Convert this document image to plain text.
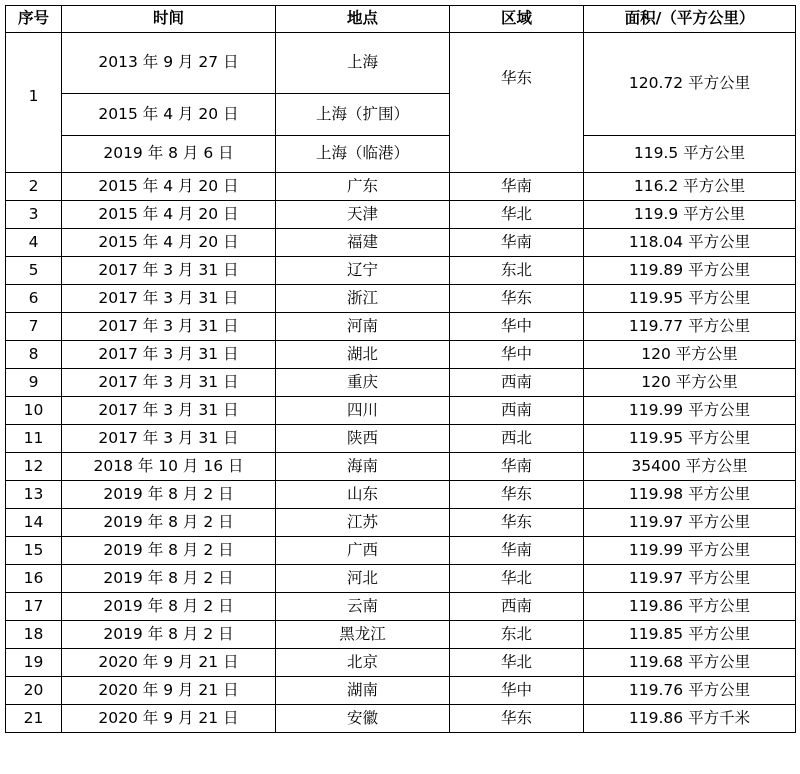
序号	时间	地点	区域	面积/（平方公里）
1	2013 年 9 月 27 日	上海	华东	120.72 平方公里
	2015 年 4 月 20 日	上海（扩围）		
	2019 年 8 月 6 日	上海（临港）		119.5 平方公里
2	2015 年 4 月 20 日	广东	华南	116.2 平方公里
3	2015 年 4 月 20 日	天津	华北	119.9 平方公里
4	2015 年 4 月 20 日	福建	华南	118.04 平方公里
5	2017 年 3 月 31 日	辽宁	东北	119.89 平方公里
6	2017 年 3 月 31 日	浙江	华东	119.95 平方公里
7	2017 年 3 月 31 日	河南	华中	119.77 平方公里
8	2017 年 3 月 31 日	湖北	华中	120 平方公里
9	2017 年 3 月 31 日	重庆	西南	120 平方公里
10	2017 年 3 月 31 日	四川	西南	119.99 平方公里
11	2017 年 3 月 31 日	陕西	西北	119.95 平方公里
12	2018 年 10 月 16 日	海南	华南	35400 平方公里
13	2019 年 8 月 2 日	山东	华东	119.98 平方公里
14	2019 年 8 月 2 日	江苏	华东	119.97 平方公里
15	2019 年 8 月 2 日	广西	华南	119.99 平方公里
16	2019 年 8 月 2 日	河北	华北	119.97 平方公里
17	2019 年 8 月 2 日	云南	西南	119.86 平方公里
18	2019 年 8 月 2 日	黑龙江	东北	119.85 平方公里
19	2020 年 9 月 21 日	北京	华北	119.68 平方公里
20	2020 年 9 月 21 日	湖南	华中	119.76 平方公里
21	2020 年 9 月 21 日	安徽	华东	119.86 平方千米
